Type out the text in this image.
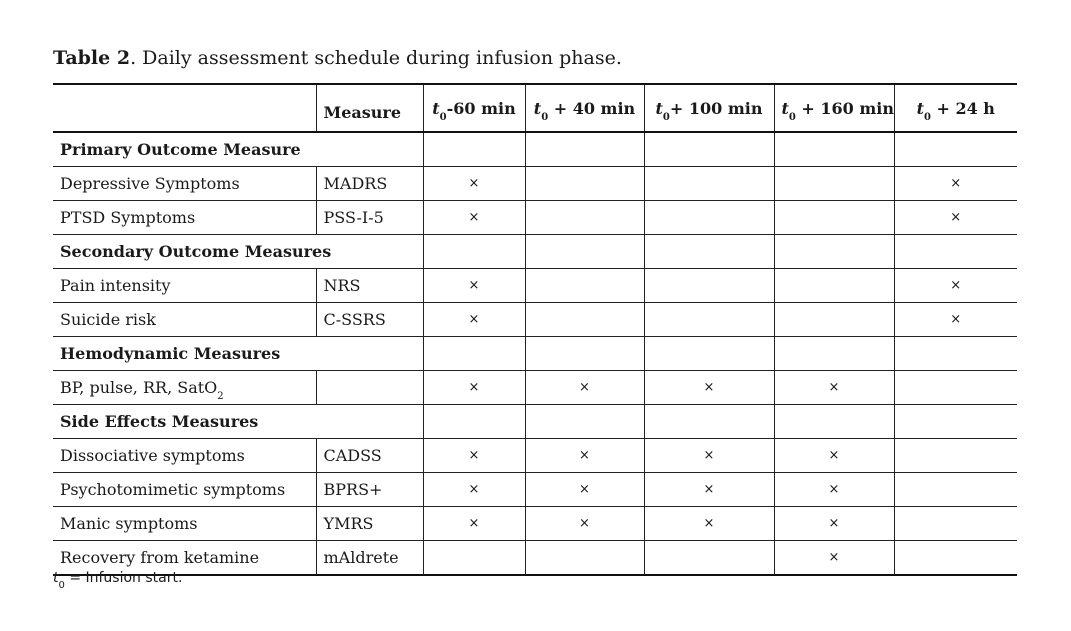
Table 2. Daily assessment schedule during infusion phase.
	Measure	$t_0-60$ min	$t_0 + 40$ min	$t_0+ 100$ min	$t_0 + 160$ min	$t_0 + 24$ h
Primary Outcome Measure						
Depressive Symptoms	MADRS	×				×
PTSD Symptoms	PSS-I-5	×				×
Secondary Outcome Measures						
Pain intensity	NRS	×				×
Suicide risk	C-SSRS	×				×
Hemodynamic Measures						
BP, pulse, RR, SatO$_2$		×	×	×	×	
Side Effects Measures						
Dissociative symptoms	CADSS	×	×	×	×	
Psychotomimetic symptoms	BPRS+	×	×	×	×	
Manic symptoms	YMRS	×	×	×	×	
Recovery from ketamine	mAldrete				×	
$t_0$ = Infusion start.
